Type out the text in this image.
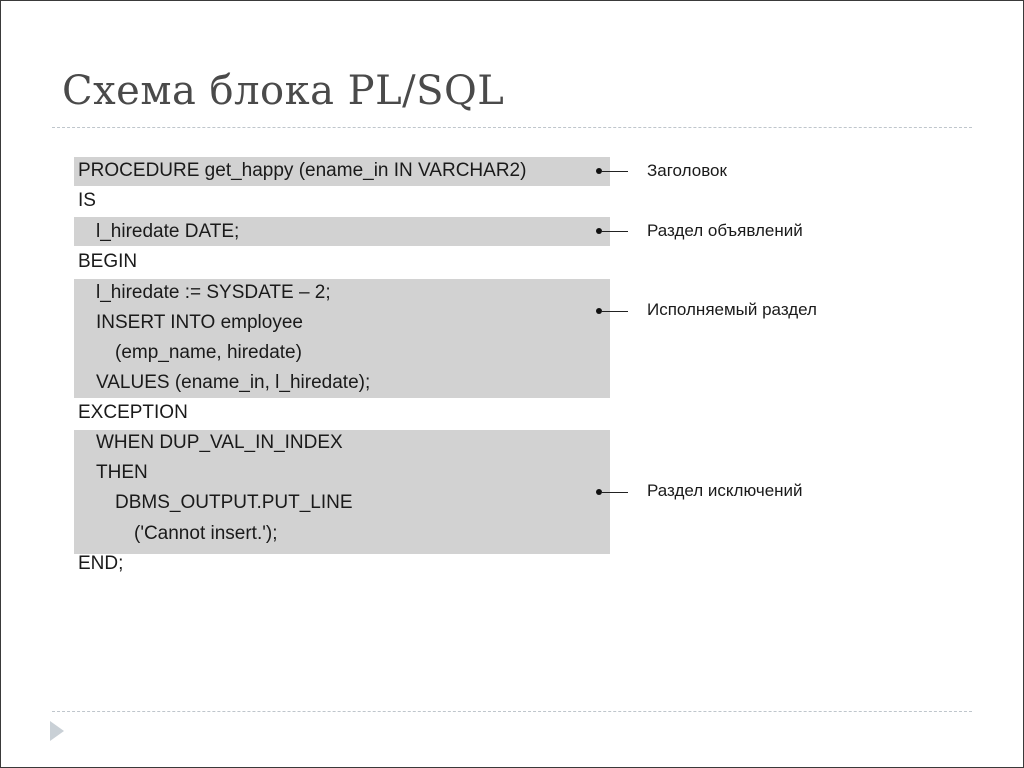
Схема блока PL/SQL
PROCEDURE get_happy (ename_in IN VARCHAR2)
IS
l_hiredate DATE;
BEGIN
l_hiredate := SYSDATE – 2;
INSERT INTO employee
(emp_name, hiredate)
VALUES (ename_in, l_hiredate);
EXCEPTION
WHEN DUP_VAL_IN_INDEX
THEN
DBMS_OUTPUT.PUT_LINE
('Cannot insert.');
END;
Заголовок
Раздел объявлений
Исполняемый раздел
Раздел исключений
